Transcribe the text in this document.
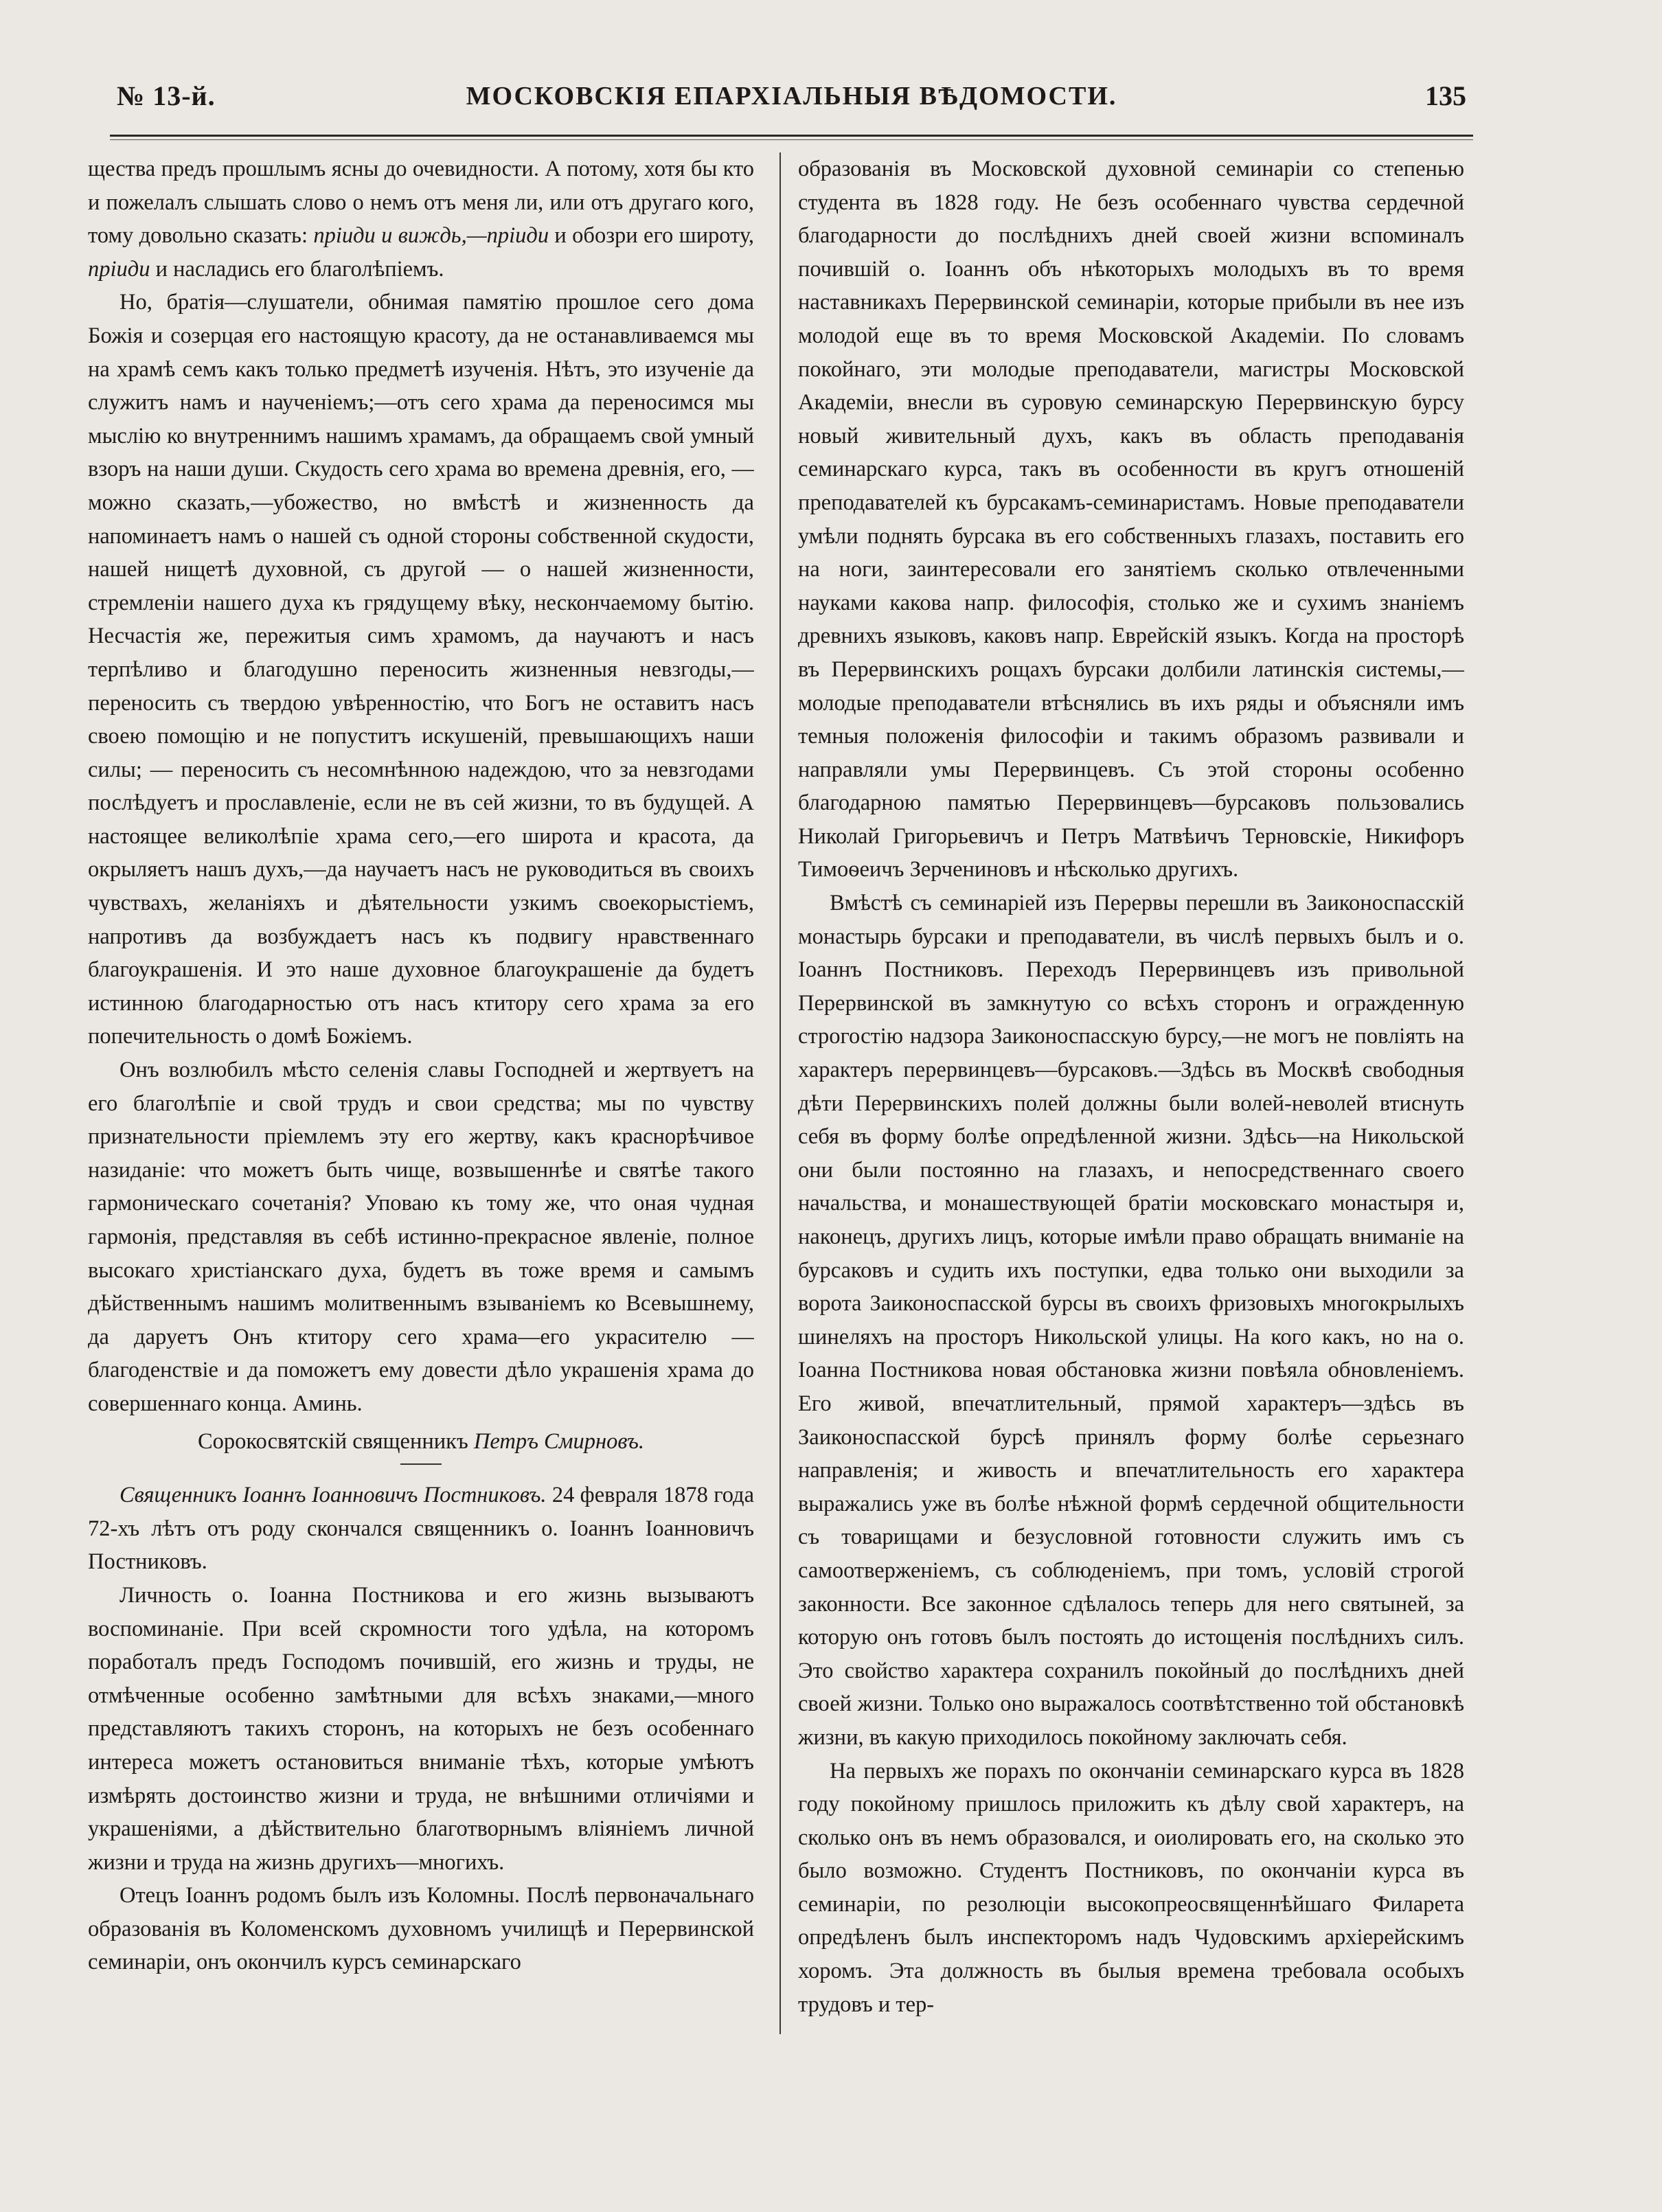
№ 13-й.	МОСКОВСКІЯ ЕПАРХІАЛЬНЫЯ ВѢДОМОСТИ.	135

щества предъ прошлымъ ясны до очевидности. А потому, хотя бы кто и пожелалъ слышать слово о немъ отъ меня ли, или отъ другаго кого, тому довольно сказать: пріиди и виждь,—пріиди и обозри его широту, пріиди и насладись его благолѣпіемъ.

Но, братія—слушатели, обнимая памятію прошлое сего дома Божія и созерцая его настоящую красоту, да не останавливаемся мы на храмѣ семъ какъ только предметѣ изученія. Нѣтъ, это изученіе да служитъ намъ и наученіемъ;—отъ сего храма да переносимся мы мыслію ко внутреннимъ нашимъ храмамъ, да обращаемъ свой умный взоръ на наши души. Скудость сего храма во времена древнія, его, — можно сказать,—убожество, но вмѣстѣ и жизненность да напоминаетъ намъ о нашей съ одной стороны собственной скудости, нашей нищетѣ духовной, съ другой — о нашей жизненности, стремленіи нашего духа къ грядущему вѣку, нескончаемому бытію. Несчастія же, пережитыя симъ храмомъ, да научаютъ и насъ терпѣливо и благодушно переносить жизненныя невзгоды,—переносить съ твердою увѣренностію, что Богъ не оставитъ насъ своею помощію и не попуститъ искушеній, превышающихъ наши силы; — переносить съ несомнѣнною надеждою, что за невзгодами послѣдуетъ и прославленіе, если не въ сей жизни, то въ будущей. А настоящее великолѣпіе храма сего,—его широта и красота, да окрыляетъ нашъ духъ,—да научаетъ насъ не руководиться въ своихъ чувствахъ, желаніяхъ и дѣятельности узкимъ своекорыстіемъ, напротивъ да возбуждаетъ насъ къ подвигу нравственнаго благоукрашенія. И это наше духовное благоукрашеніе да будетъ истинною благодарностью отъ насъ ктитору сего храма за его попечительность о домѣ Божіемъ.

Онъ возлюбилъ мѣсто селенія славы Господней и жертвуетъ на его благолѣпіе и свой трудъ и свои средства; мы по чувству признательности пріемлемъ эту его жертву, какъ краснорѣчивое назиданіе: что можетъ быть чище, возвышеннѣе и святѣе такого гармоническаго сочетанія? Уповаю къ тому же, что оная чудная гармонія, представляя въ себѣ истинно-прекрасное явленіе, полное высокаго христіанскаго духа, будетъ въ тоже время и самымъ дѣйственнымъ нашимъ молитвеннымъ взываніемъ ко Всевышнему, да даруетъ Онъ ктитору сего храма—его украсителю — благоденствіе и да поможетъ ему довести дѣло украшенія храма до совершеннаго конца. Аминь.

Сорокосвятскій священникъ Петръ Смирновъ.

Священникъ Іоаннъ Іоанновичъ Постниковъ. 24 февраля 1878 года 72-хъ лѣтъ отъ роду скончался священникъ о. Іоаннъ Іоанновичъ Постниковъ.

Личность о. Іоанна Постникова и его жизнь вызываютъ воспоминаніе. При всей скромности того удѣла, на которомъ поработалъ предъ Господомъ почившій, его жизнь и труды, не отмѣченные особенно замѣтными для всѣхъ знаками,—много представляютъ такихъ сторонъ, на которыхъ не безъ особеннаго интереса можетъ остановиться вниманіе тѣхъ, которые умѣютъ измѣрять достоинство жизни и труда, не внѣшними отличіями и украшеніями, а дѣйствительно благотворнымъ вліяніемъ личной жизни и труда на жизнь другихъ—многихъ.

Отецъ Іоаннъ родомъ былъ изъ Коломны. Послѣ первоначальнаго образованія въ Коломенскомъ духовномъ училищѣ и Перервинской семинаріи, онъ окончилъ курсъ семинарскаго

образованія въ Московской духовной семинаріи со степенью студента въ 1828 году. Не безъ особеннаго чувства сердечной благодарности до послѣднихъ дней своей жизни вспоминалъ почившій о. Іоаннъ объ нѣкоторыхъ молодыхъ въ то время наставникахъ Перервинской семинаріи, которые прибыли въ нее изъ молодой еще въ то время Московской Академіи. По словамъ покойнаго, эти молодые преподаватели, магистры Московской Академіи, внесли въ суровую семинарскую Перервинскую бурсу новый живительный духъ, какъ въ область преподаванія семинарскаго курса, такъ въ особенности въ кругъ отношеній преподавателей къ бурсакамъ-семинаристамъ. Новые преподаватели умѣли поднять бурсака въ его собственныхъ глазахъ, поставить его на ноги, заинтересовали его занятіемъ сколько отвлеченными науками какова напр. философія, столько же и сухимъ знаніемъ древнихъ языковъ, каковъ напр. Еврейскій языкъ. Когда на просторѣ въ Перервинскихъ рощахъ бурсаки долбили латинскія системы,—молодые преподаватели втѣснялись въ ихъ ряды и объясняли имъ темныя положенія философіи и такимъ образомъ развивали и направляли умы Перервинцевъ. Съ этой стороны особенно благодарною памятью Перервинцевъ—бурсаковъ пользовались Николай Григорьевичъ и Петръ Матвѣичъ Терновскіе, Никифоръ Тимоѳеичъ Зерчениновъ и нѣсколько другихъ.

Вмѣстѣ съ семинаріей изъ Перервы перешли въ Заиконоспасскій монастырь бурсаки и преподаватели, въ числѣ первыхъ былъ и о. Іоаннъ Постниковъ. Переходъ Перервинцевъ изъ привольной Перервинской въ замкнутую со всѣхъ сторонъ и огражденную строгостію надзора Заиконоспасскую бурсу,—не могъ не повліять на характеръ перервинцевъ—бурсаковъ.—Здѣсь въ Москвѣ свободныя дѣти Перервинскихъ полей должны были волей-неволей втиснуть себя въ форму болѣе опредѣленной жизни. Здѣсь—на Никольской они были постоянно на глазахъ, и непосредственнаго своего начальства, и монашествующей братіи московскаго монастыря и, наконецъ, другихъ лицъ, которые имѣли право обращать вниманіе на бурсаковъ и судить ихъ поступки, едва только они выходили за ворота Заиконоспасской бурсы въ своихъ фризовыхъ многокрылыхъ шинеляхъ на просторъ Никольской улицы. На кого какъ, но на о. Іоанна Постникова новая обстановка жизни повѣяла обновленіемъ. Его живой, впечатлительный, прямой характеръ—здѣсь въ Заиконоспасской бурсѣ принялъ форму болѣе серьезнаго направленія; и живость и впечатлительность его характера выражались уже въ болѣе нѣжной формѣ сердечной общительности съ товарищами и безусловной готовности служить имъ съ самоотверженіемъ, съ соблюденіемъ, при томъ, условій строгой законности. Все законное сдѣлалось теперь для него святыней, за которую онъ готовъ былъ постоять до истощенія послѣднихъ силъ. Это свойство характера сохранилъ покойный до послѣднихъ дней своей жизни. Только оно выражалось соотвѣтственно той обстановкѣ жизни, въ какую приходилось покойному заключать себя.

На первыхъ же порахъ по окончаніи семинарскаго курса въ 1828 году покойному пришлось приложить къ дѣлу свой характеръ, на сколько онъ въ немъ образовался, и оиолировать его, на сколько это было возможно. Студентъ Постниковъ, по окончаніи курса въ семинаріи, по резолюціи высокопреосвященнѣйшаго Филарета опредѣленъ былъ инспекторомъ надъ Чудовскимъ архіерейскимъ хоромъ. Эта должность въ былыя времена требовала особыхъ трудовъ и тер-
